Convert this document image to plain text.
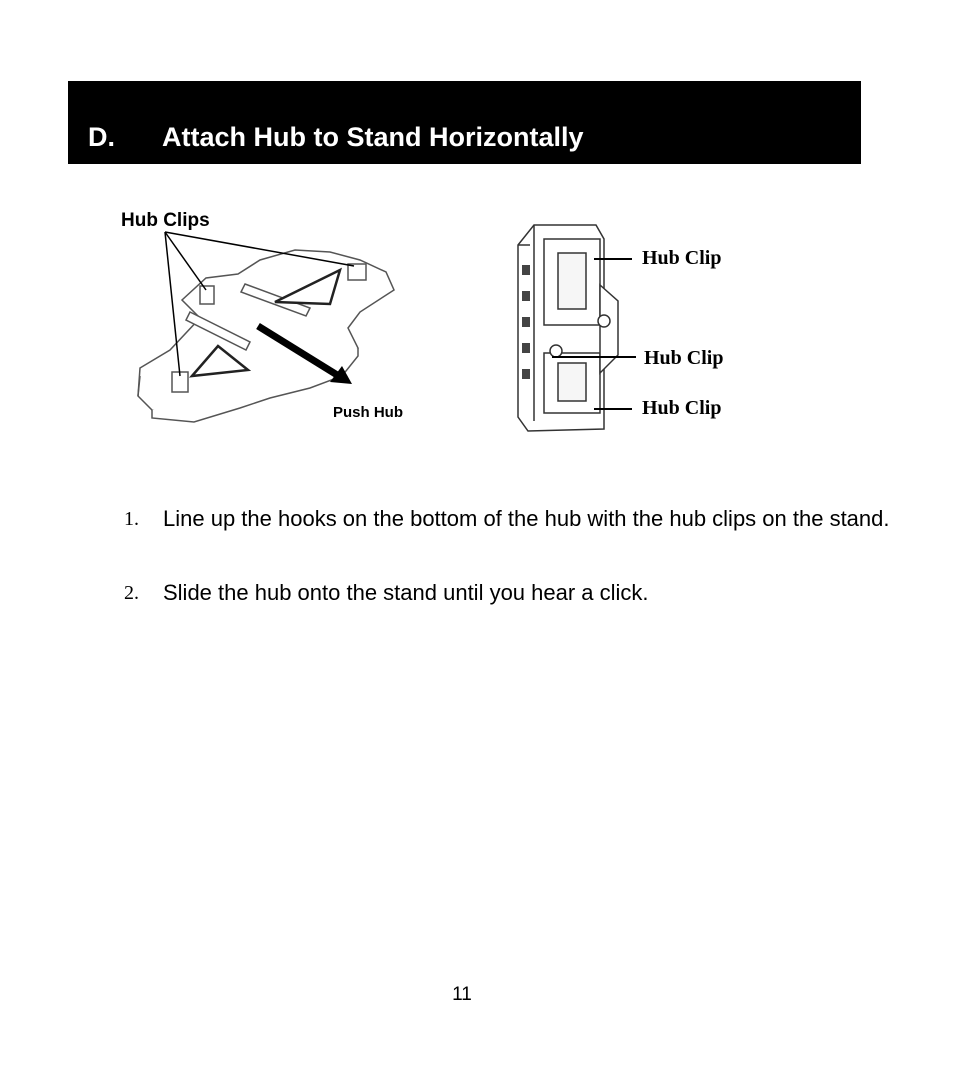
D. Attach Hub to Stand Horizontally
Hub Clips
Push Hub
Hub Clip
Hub Clip
Hub Clip
1. Line up the hooks on the bottom of the hub with the hub clips on the stand.
2. Slide the hub onto the stand until you hear a click.
11
